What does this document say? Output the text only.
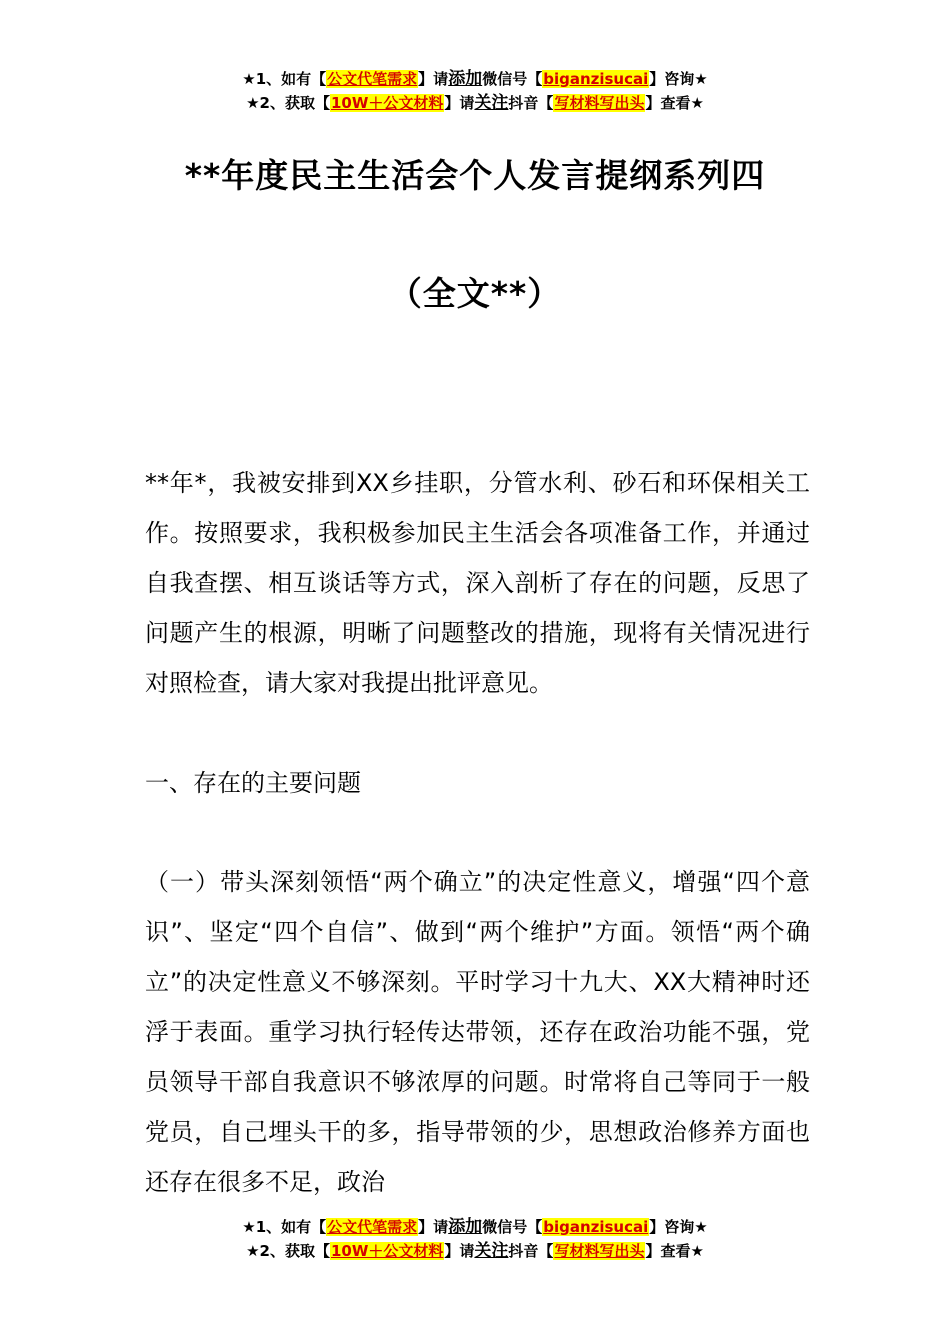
★1、如有【公文代笔需求】请添加微信号【biganzisucai】咨询★
★2、获取【10W＋公文材料】请关注抖音【写材料写出头】查看★
**年度民主生活会个人发言提纲系列四
（全文**）

**年*，我被安排到XX乡挂职，分管水利、砂石和环保相关工作。按照要求，我积极参加民主生活会各项准备工作，并通过自我查摆、相互谈话等方式，深入剖析了存在的问题，反思了问题产生的根源，明晰了问题整改的措施，现将有关情况进行对照检查，请大家对我提出批评意见。

一、存在的主要问题

（一）带头深刻领悟“两个确立”的决定性意义，增强“四个意识”、坚定“四个自信”、做到“两个维护”方面。领悟“两个确立”的决定性意义不够深刻。平时学习十九大、XX大精神时还浮于表面。重学习执行轻传达带领，还存在政治功能不强，党员领导干部自我意识不够浓厚的问题。时常将自己等同于一般党员，自己埋头干的多，指导带领的少，思想政治修养方面也还存在很多不足，政治

★1、如有【公文代笔需求】请添加微信号【biganzisucai】咨询★
★2、获取【10W＋公文材料】请关注抖音【写材料写出头】查看★
